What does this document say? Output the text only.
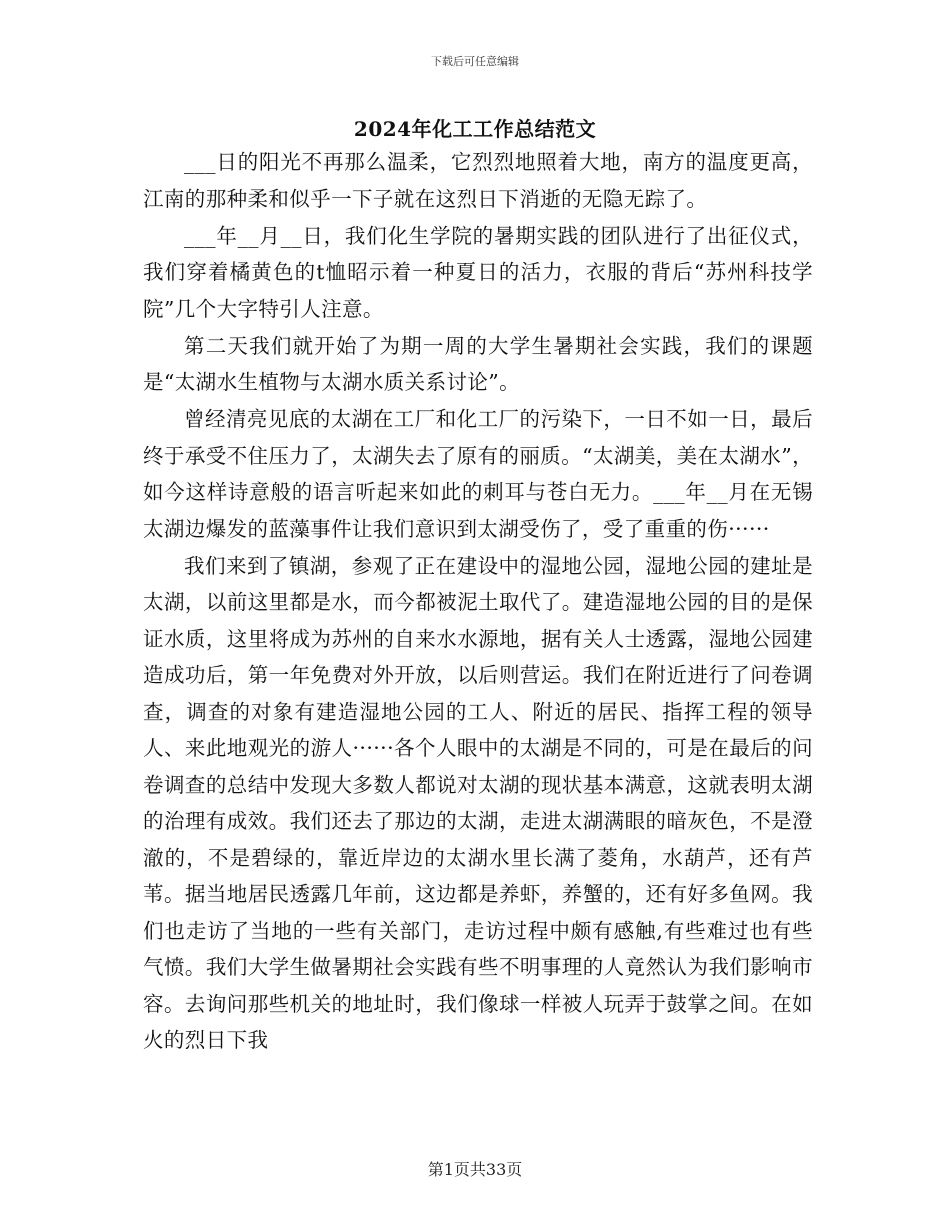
下载后可任意编辑
2024年化工工作总结范文

___日的阳光不再那么温柔，它烈烈地照着大地，南方的温度更高，江南的那种柔和似乎一下子就在这烈日下消逝的无隐无踪了。

___年__月__日，我们化生学院的暑期实践的团队进行了出征仪式，我们穿着橘黄色的t恤昭示着一种夏日的活力，衣服的背后“苏州科技学院”几个大字特引人注意。

第二天我们就开始了为期一周的大学生暑期社会实践，我们的课题是“太湖水生植物与太湖水质关系讨论”。

曾经清亮见底的太湖在工厂和化工厂的污染下，一日不如一日，最后终于承受不住压力了，太湖失去了原有的丽质。“太湖美，美在太湖水”，如今这样诗意般的语言听起来如此的刺耳与苍白无力。___年__月在无锡太湖边爆发的蓝藻事件让我们意识到太湖受伤了，受了重重的伤······

我们来到了镇湖，参观了正在建设中的湿地公园，湿地公园的建址是太湖，以前这里都是水，而今都被泥土取代了。建造湿地公园的目的是保证水质，这里将成为苏州的自来水水源地，据有关人士透露，湿地公园建造成功后，第一年免费对外开放，以后则营运。我们在附近进行了问卷调查，调查的对象有建造湿地公园的工人、附近的居民、指挥工程的领导人、来此地观光的游人······各个人眼中的太湖是不同的，可是在最后的问卷调查的总结中发现大多数人都说对太湖的现状基本满意，这就表明太湖的治理有成效。我们还去了那边的太湖，走进太湖满眼的暗灰色，不是澄澈的，不是碧绿的，靠近岸边的太湖水里长满了菱角，水葫芦，还有芦苇。据当地居民透露几年前，这边都是养虾，养蟹的，还有好多鱼网。我们也走访了当地的一些有关部门，走访过程中颇有感触,有些难过也有些气愤。我们大学生做暑期社会实践有些不明事理的人竟然认为我们影响市容。去询问那些机关的地址时，我们像球一样被人玩弄于鼓掌之间。在如火的烈日下我

第1页共33页
